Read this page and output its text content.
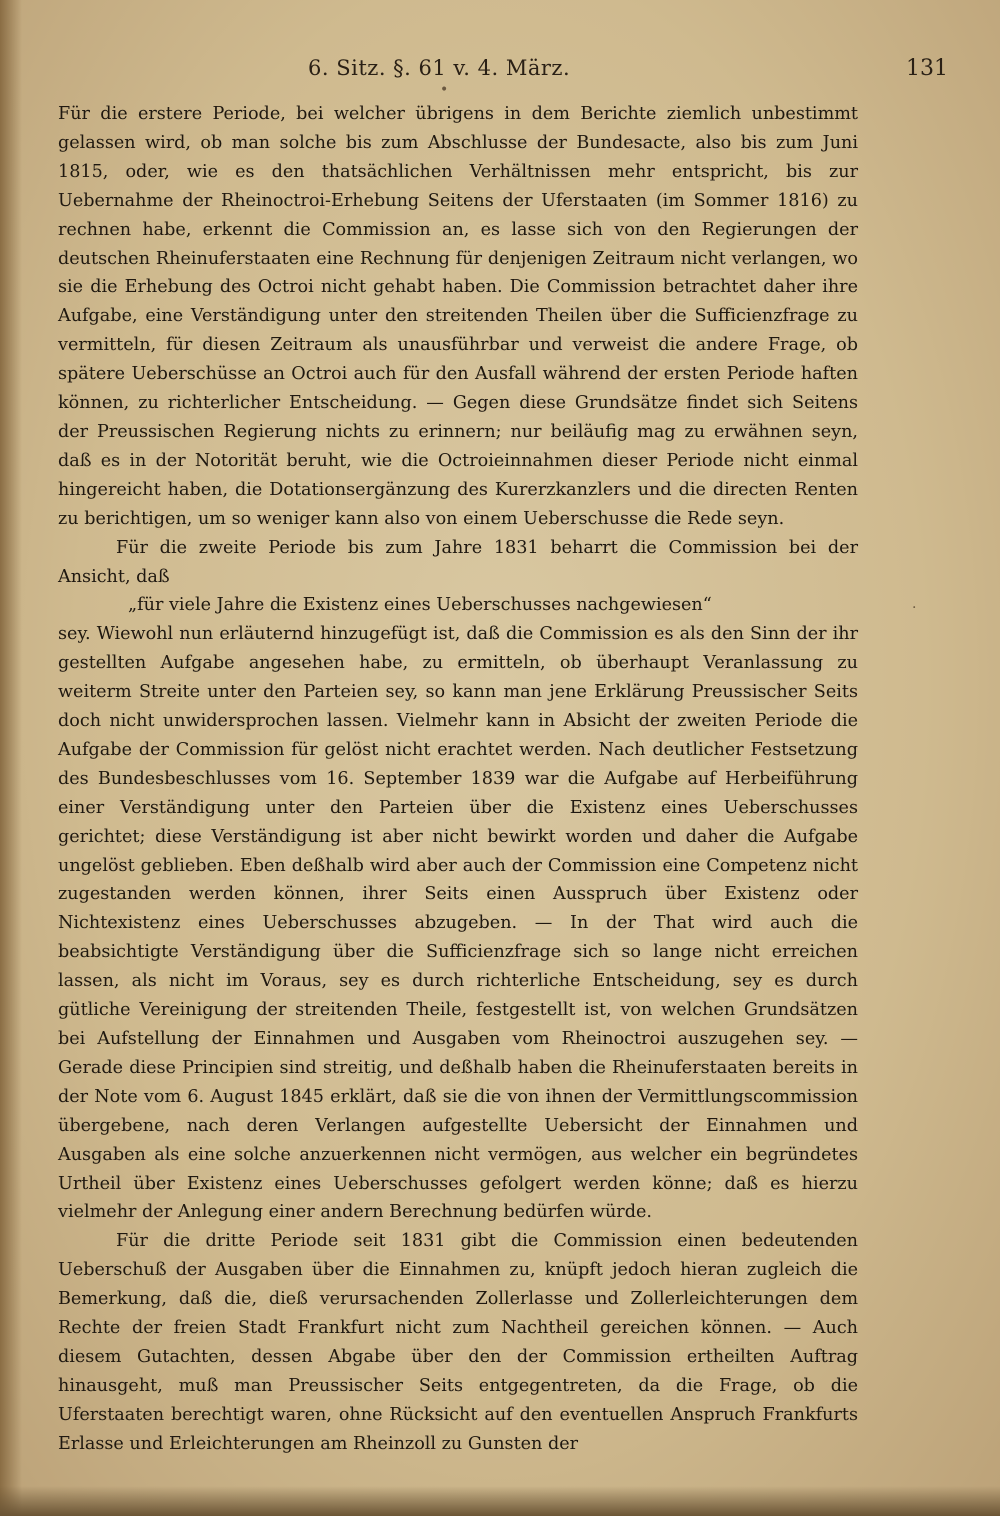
6. Sitz. §. 61 v. 4. März.	131

Für die erstere Periode, bei welcher übrigens in dem Berichte ziemlich unbestimmt gelassen wird, ob man solche bis zum Abschlusse der Bundesacte, also bis zum Juni 1815, oder, wie es den thatsächlichen Verhältnissen mehr entspricht, bis zur Uebernahme der Rheinoctroi-Erhebung Seitens der Uferstaaten (im Sommer 1816) zu rechnen habe, erkennt die Commission an, es lasse sich von den Regierungen der deutschen Rheinuferstaaten eine Rechnung für denjenigen Zeitraum nicht verlangen, wo sie die Erhebung des Octroi nicht gehabt haben. Die Commission betrachtet daher ihre Aufgabe, eine Verständigung unter den streitenden Theilen über die Sufficienzfrage zu vermitteln, für diesen Zeitraum als unausführbar und verweist die andere Frage, ob spätere Ueberschüsse an Octroi auch für den Ausfall während der ersten Periode haften können, zu richterlicher Entscheidung. — Gegen diese Grundsätze findet sich Seitens der Preussischen Regierung nichts zu erinnern; nur beiläufig mag zu erwähnen seyn, daß es in der Notorität beruht, wie die Octroieinnahmen dieser Periode nicht einmal hingereicht haben, die Dotationsergänzung des Kurerzkanzlers und die directen Renten zu berichtigen, um so weniger kann also von einem Ueberschusse die Rede seyn.

Für die zweite Periode bis zum Jahre 1831 beharrt die Commission bei der Ansicht, daß

„für viele Jahre die Existenz eines Ueberschusses nachgewiesen“

sey. Wiewohl nun erläuternd hinzugefügt ist, daß die Commission es als den Sinn der ihr gestellten Aufgabe angesehen habe, zu ermitteln, ob überhaupt Veranlassung zu weiterm Streite unter den Parteien sey, so kann man jene Erklärung Preussischer Seits doch nicht unwidersprochen lassen. Vielmehr kann in Absicht der zweiten Periode die Aufgabe der Commission für gelöst nicht erachtet werden. Nach deutlicher Festsetzung des Bundesbeschlusses vom 16. September 1839 war die Aufgabe auf Herbeiführung einer Verständigung unter den Parteien über die Existenz eines Ueberschusses gerichtet; diese Verständigung ist aber nicht bewirkt worden und daher die Aufgabe ungelöst geblieben. Eben deßhalb wird aber auch der Commission eine Competenz nicht zugestanden werden können, ihrer Seits einen Ausspruch über Existenz oder Nichtexistenz eines Ueberschusses abzugeben. — In der That wird auch die beabsichtigte Verständigung über die Sufficienzfrage sich so lange nicht erreichen lassen, als nicht im Voraus, sey es durch richterliche Entscheidung, sey es durch gütliche Vereinigung der streitenden Theile, festgestellt ist, von welchen Grundsätzen bei Aufstellung der Einnahmen und Ausgaben vom Rheinoctroi auszugehen sey. — Gerade diese Principien sind streitig, und deßhalb haben die Rheinuferstaaten bereits in der Note vom 6. August 1845 erklärt, daß sie die von ihnen der Vermittlungscommission übergebene, nach deren Verlangen aufgestellte Uebersicht der Einnahmen und Ausgaben als eine solche anzuerkennen nicht vermögen, aus welcher ein begründetes Urtheil über Existenz eines Ueberschusses gefolgert werden könne; daß es hierzu vielmehr der Anlegung einer andern Berechnung bedürfen würde.

Für die dritte Periode seit 1831 gibt die Commission einen bedeutenden Ueberschuß der Ausgaben über die Einnahmen zu, knüpft jedoch hieran zugleich die Bemerkung, daß die, dieß verursachenden Zollerlasse und Zollerleichterungen dem Rechte der freien Stadt Frankfurt nicht zum Nachtheil gereichen können. — Auch diesem Gutachten, dessen Abgabe über den der Commission ertheilten Auftrag hinausgeht, muß man Preussischer Seits entgegentreten, da die Frage, ob die Uferstaaten berechtigt waren, ohne Rücksicht auf den eventuellen Anspruch Frankfurts Erlasse und Erleichterungen am Rheinzoll zu Gunsten der

•
·
